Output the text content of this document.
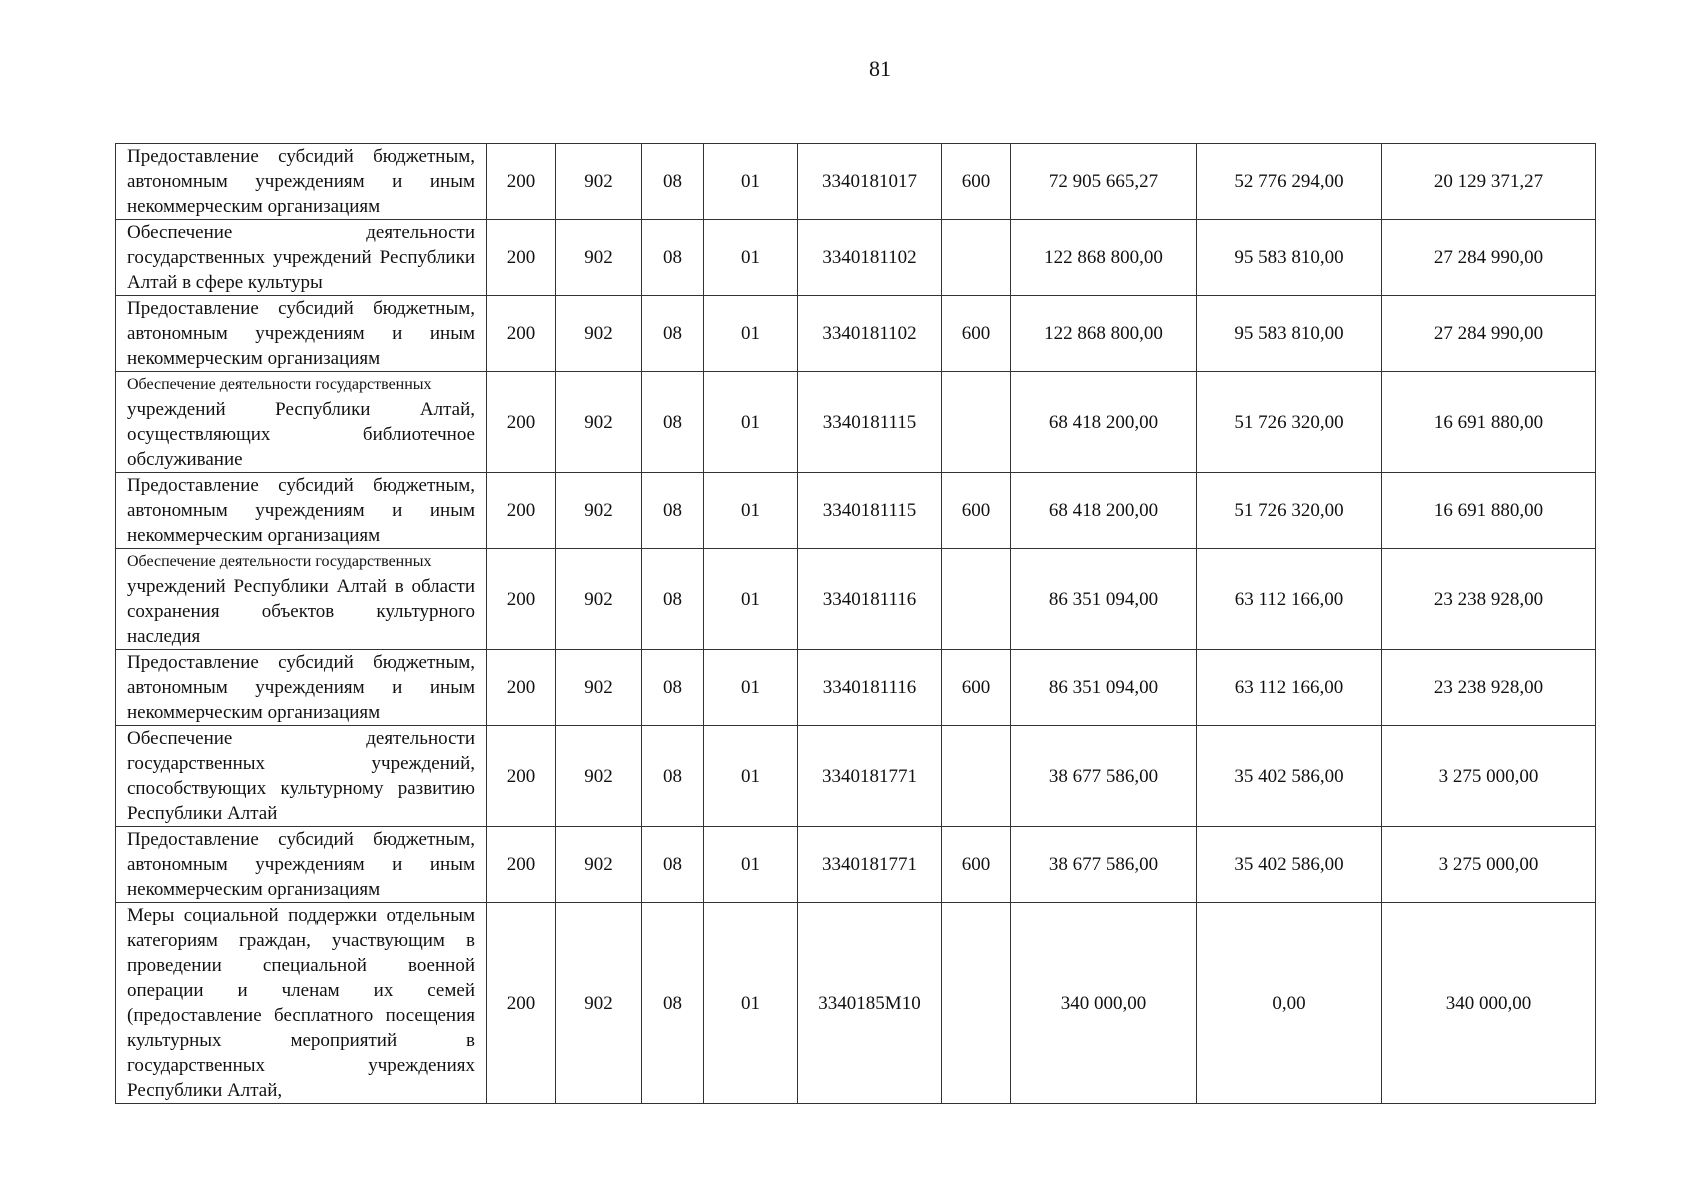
81
Предоставление субсидий бюджетным, автономным учреждениям и иным некоммерческим организациям	200	902	08	01	3340181017	600	72 905 665,27	52 776 294,00	20 129 371,27

Обеспечение деятельности государственных учреждений Республики Алтай в сфере культуры	200	902	08	01	3340181102		122 868 800,00	95 583 810,00	27 284 990,00

Предоставление субсидий бюджетным, автономным учреждениям и иным некоммерческим организациям	200	902	08	01	3340181102	600	122 868 800,00	95 583 810,00	27 284 990,00

Обеспечение деятельности государственных
учреждений Республики Алтай, осуществляющих библиотечное обслуживание	200	902	08	01	3340181115		68 418 200,00	51 726 320,00	16 691 880,00

Предоставление субсидий бюджетным, автономным учреждениям и иным некоммерческим организациям	200	902	08	01	3340181115	600	68 418 200,00	51 726 320,00	16 691 880,00

Обеспечение деятельности государственных
учреждений Республики Алтай в области сохранения объектов культурного наследия	200	902	08	01	3340181116		86 351 094,00	63 112 166,00	23 238 928,00

Предоставление субсидий бюджетным, автономным учреждениям и иным некоммерческим организациям	200	902	08	01	3340181116	600	86 351 094,00	63 112 166,00	23 238 928,00

Обеспечение деятельности государственных учреждений, способствующих культурному развитию Республики Алтай	200	902	08	01	3340181771		38 677 586,00	35 402 586,00	3 275 000,00

Предоставление субсидий бюджетным, автономным учреждениям и иным некоммерческим организациям	200	902	08	01	3340181771	600	38 677 586,00	35 402 586,00	3 275 000,00

Меры социальной поддержки отдельным категориям граждан, участвующим в проведении специальной военной операции и членам их семей (предоставление бесплатного посещения культурных мероприятий в государственных учреждениях Республики Алтай,	200	902	08	01	3340185М10		340 000,00	0,00	340 000,00
